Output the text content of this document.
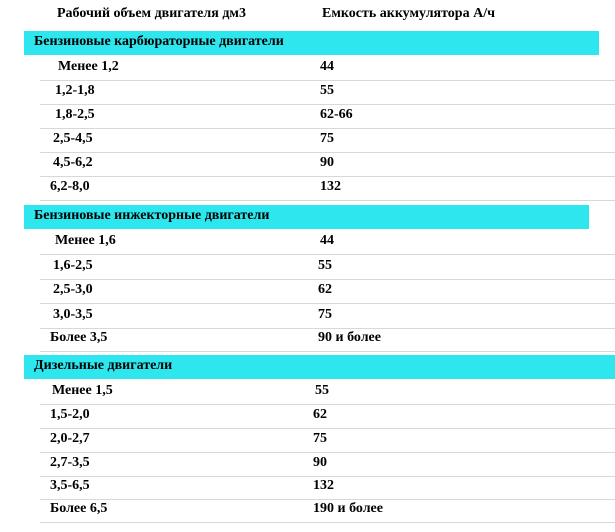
Рабочий объем двигателя дм3	Емкость аккумулятора А/ч
Бензиновые карбюраторные двигатели
Менее 1,2	44
1,2-1,8	55
1,8-2,5	62-66
2,5-4,5	75
4,5-6,2	90
6,2-8,0	132
Бензиновые инжекторные двигатели
Менее 1,6	44
1,6-2,5	55
2,5-3,0	62
3,0-3,5	75
Более 3,5	90 и более
Дизельные двигатели
Менее 1,5	55
1,5-2,0	62
2,0-2,7	75
2,7-3,5	90
3,5-6,5	132
Более 6,5	190 и более
